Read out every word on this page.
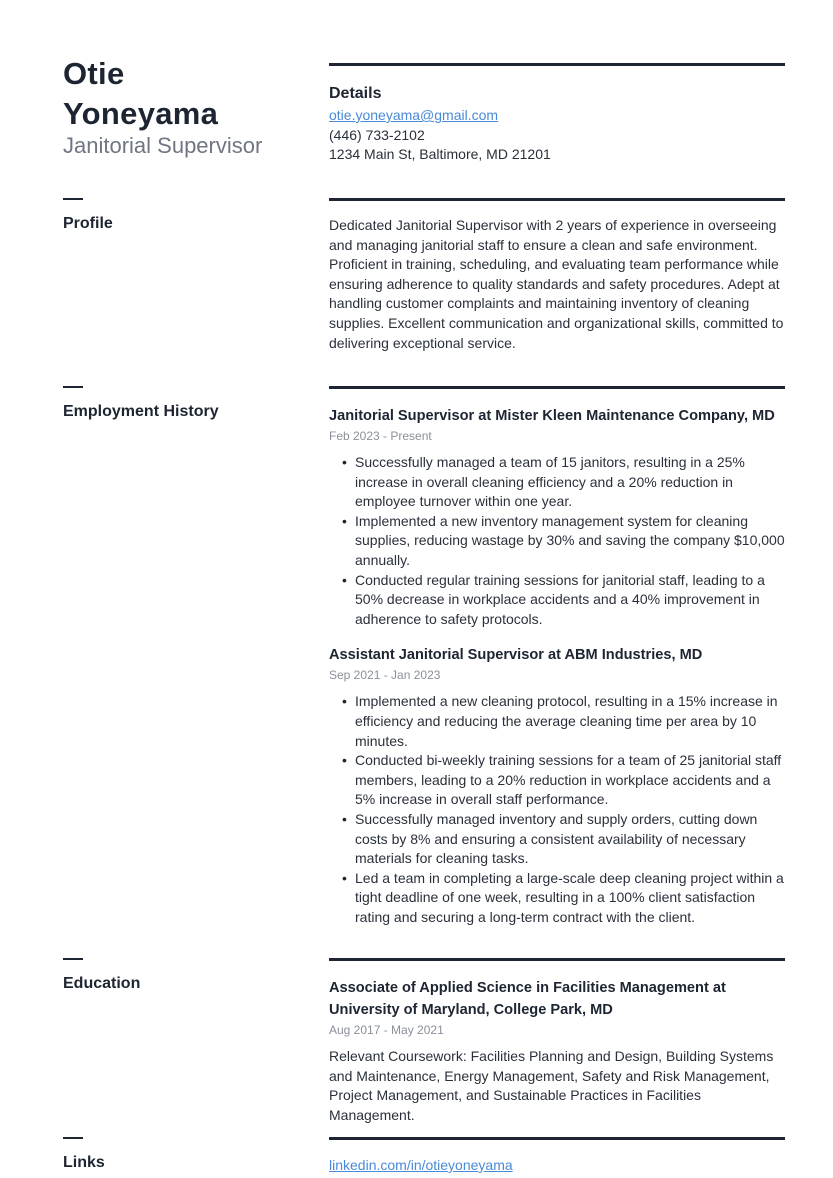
Otie
Yoneyama
Janitorial Supervisor
Details
otie.yoneyama@gmail.com
(446) 733-2102
1234 Main St, Baltimore, MD 21201
Profile	Dedicated Janitorial Supervisor with 2 years of experience in overseeing and managing janitorial staff to ensure a clean and safe environment. Proficient in training, scheduling, and evaluating team performance while ensuring adherence to quality standards and safety procedures. Adept at handling customer complaints and maintaining inventory of cleaning supplies. Excellent communication and organizational skills, committed to delivering exceptional service.
Employment History	Janitorial Supervisor at Mister Kleen Maintenance Company, MD
Feb 2023 - Present
• Successfully managed a team of 15 janitors, resulting in a 25% increase in overall cleaning efficiency and a 20% reduction in employee turnover within one year.
• Implemented a new inventory management system for cleaning supplies, reducing wastage by 30% and saving the company $10,000 annually.
• Conducted regular training sessions for janitorial staff, leading to a 50% decrease in workplace accidents and a 40% improvement in adherence to safety protocols.
Assistant Janitorial Supervisor at ABM Industries, MD
Sep 2021 - Jan 2023
• Implemented a new cleaning protocol, resulting in a 15% increase in efficiency and reducing the average cleaning time per area by 10 minutes.
• Conducted bi-weekly training sessions for a team of 25 janitorial staff members, leading to a 20% reduction in workplace accidents and a 5% increase in overall staff performance.
• Successfully managed inventory and supply orders, cutting down costs by 8% and ensuring a consistent availability of necessary materials for cleaning tasks.
• Led a team in completing a large-scale deep cleaning project within a tight deadline of one week, resulting in a 100% client satisfaction rating and securing a long-term contract with the client.
Education	Associate of Applied Science in Facilities Management at University of Maryland, College Park, MD
Aug 2017 - May 2021
Relevant Coursework: Facilities Planning and Design, Building Systems and Maintenance, Energy Management, Safety and Risk Management, Project Management, and Sustainable Practices in Facilities Management.
Links	linkedin.com/in/otieyoneyama
